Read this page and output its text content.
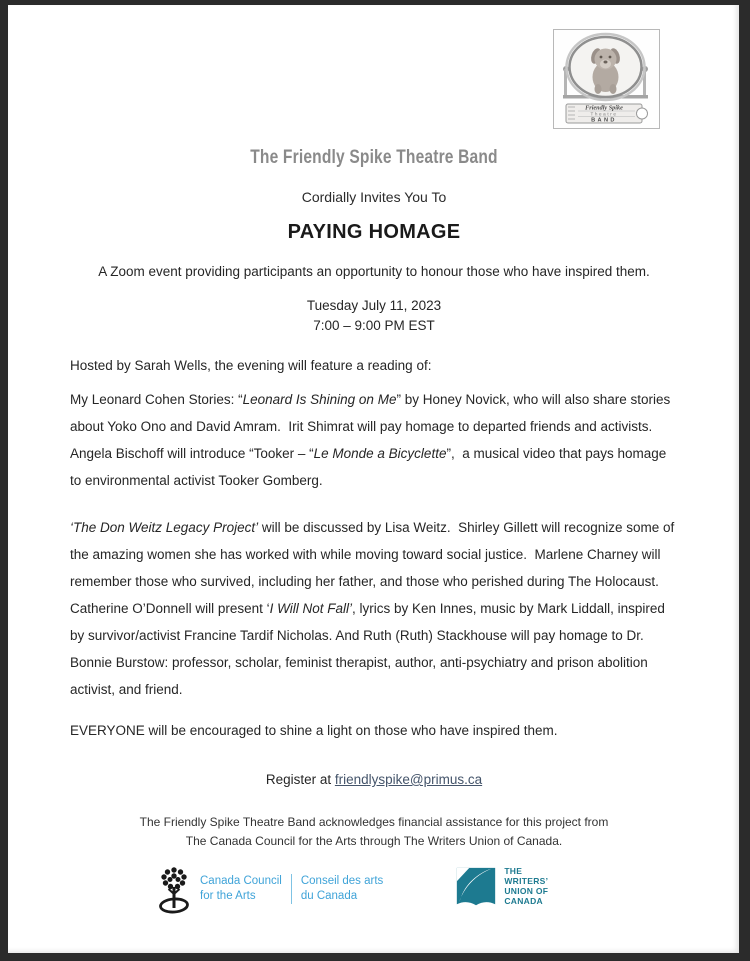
Friendly Spike
Theatre
BAND
The Friendly Spike Theatre Band
Cordially Invites You To
PAYING HOMAGE
A Zoom event providing participants an opportunity to honour those who have inspired them.
Tuesday July 11, 2023
7:00 – 9:00 PM EST
Hosted by Sarah Wells, the evening will feature a reading of:
My Leonard Cohen Stories: “Leonard Is Shining on Me” by Honey Novick, who will also share stories about Yoko Ono and David Amram.  Irit Shimrat will pay homage to departed friends and activists. Angela Bischoff will introduce “Tooker – “Le Monde a Bicyclette”,  a musical video that pays homage to environmental activist Tooker Gomberg.
‘The Don Weitz Legacy Project’ will be discussed by Lisa Weitz.  Shirley Gillett will recognize some of the amazing women she has worked with while moving toward social justice.  Marlene Charney will remember those who survived, including her father, and those who perished during The Holocaust. Catherine O’Donnell will present ‘I Will Not Fall’, lyrics by Ken Innes, music by Mark Liddall, inspired by survivor/activist Francine Tardif Nicholas. And Ruth (Ruth) Stackhouse will pay homage to Dr. Bonnie Burstow: professor, scholar, feminist therapist, author, anti-psychiatry and prison abolition activist, and friend.
EVERYONE will be encouraged to shine a light on those who have inspired them.
Register at friendlyspike@primus.ca
The Friendly Spike Theatre Band acknowledges financial assistance for this project from
The Canada Council for the Arts through The Writers Union of Canada.
Canada Council
for the Arts
Conseil des arts
du Canada
THE
WRITERS’
UNION OF
CANADA
